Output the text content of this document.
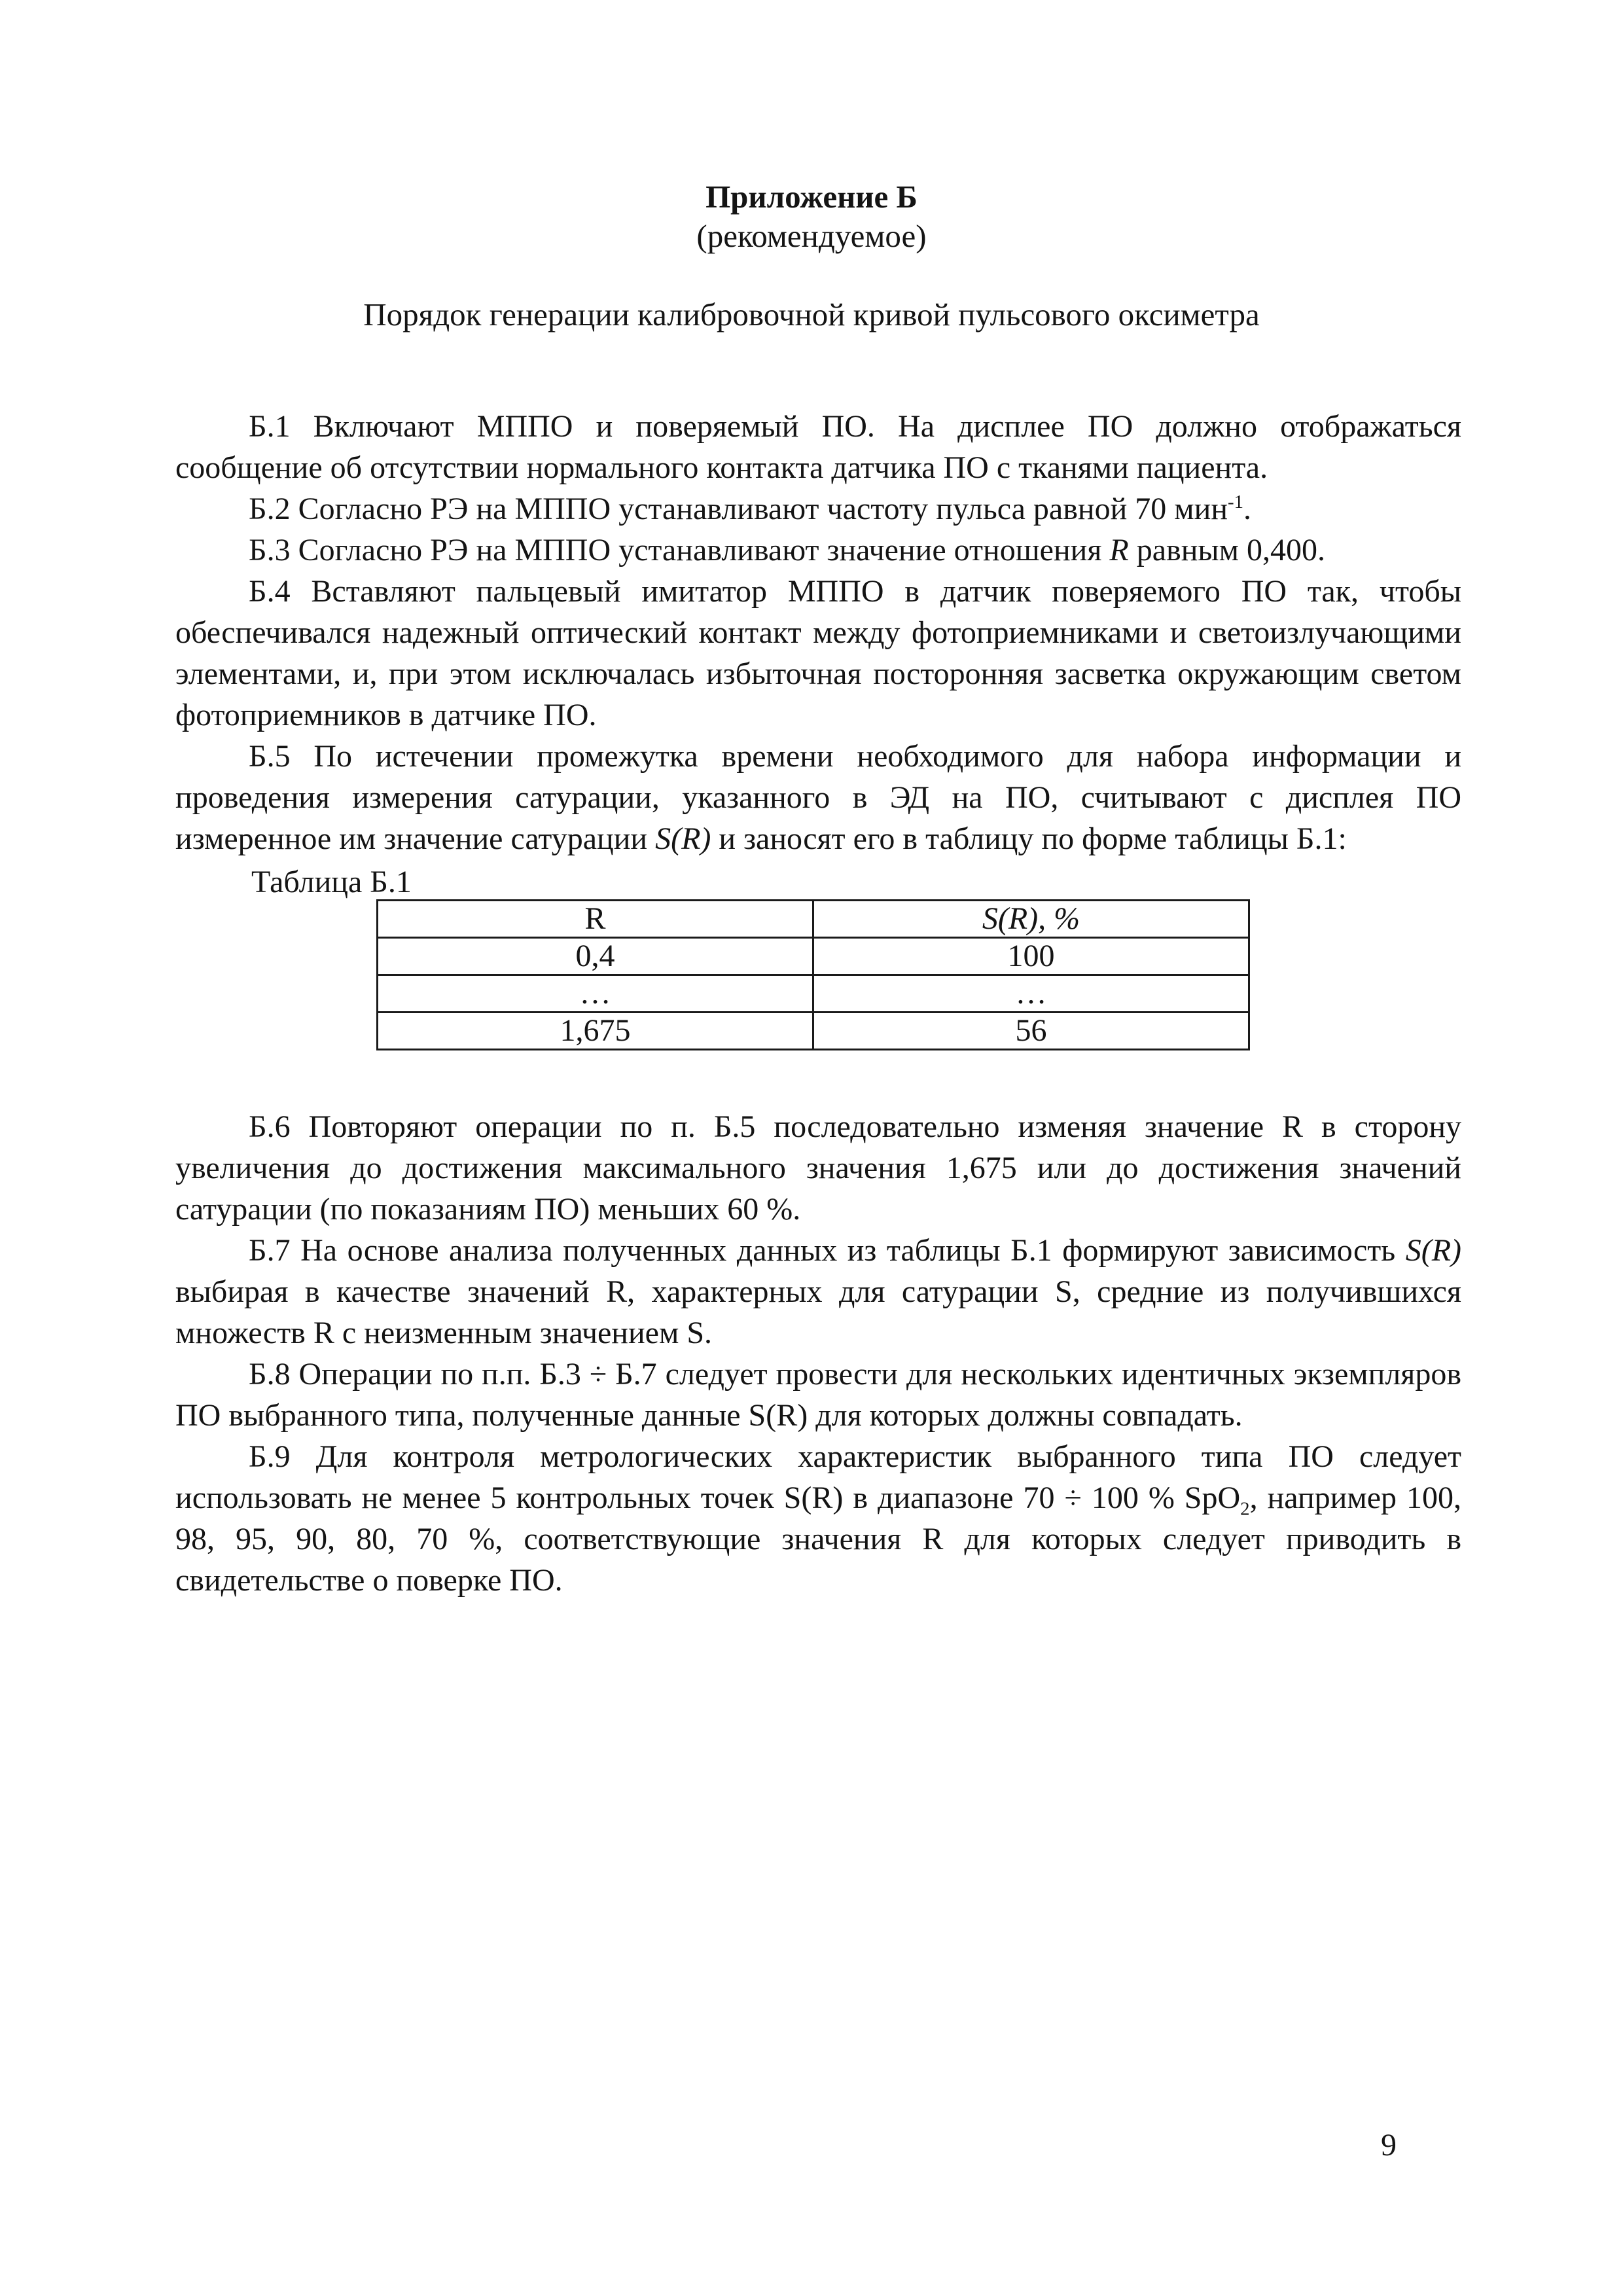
Приложение Б
(рекомендуемое)
Порядок генерации калибровочной кривой пульсового оксиметра

Б.1 Включают МППО и поверяемый ПО. На дисплее ПО должно отображаться сообщение об отсутствии нормального контакта датчика ПО с тканями пациента.

Б.2 Согласно РЭ на МППО устанавливают частоту пульса равной 70 мин$^{-1}$.

Б.3 Согласно РЭ на МППО устанавливают значение отношения R равным 0,400.

Б.4 Вставляют пальцевый имитатор МППО в датчик поверяемого ПО так, чтобы обеспечивался надежный оптический контакт между фотоприемниками и светоизлучающими элементами, и, при этом исключалась избыточная посторонняя засветка окружающим светом фотоприемников в датчике ПО.

Б.5 По истечении промежутка времени необходимого для набора информации и проведения измерения сатурации, указанного в ЭД на ПО, считывают с дисплея ПО измеренное им значение сатурации S(R) и заносят его в таблицу по форме таблицы Б.1:

Таблица Б.1
R	S(R), %
0,4	100
…	…
1,675	56

Б.6 Повторяют операции по п. Б.5 последовательно изменяя значение R в сторону увеличения до достижения максимального значения 1,675 или до достижения значений сатурации (по показаниям ПО) меньших 60 %.

Б.7 На основе анализа полученных данных из таблицы Б.1 формируют зависимость S(R) выбирая в качестве значений R, характерных для сатурации S, средние из получившихся множеств R с неизменным значением S.

Б.8 Операции по п.п. Б.3 ÷ Б.7 следует провести для нескольких идентичных экземпляров ПО выбранного типа, полученные данные S(R) для которых должны совпадать.

Б.9 Для контроля метрологических характеристик выбранного типа ПО следует использовать не менее 5 контрольных точек S(R) в диапазоне 70 ÷ 100 % SpO$_2$, например 100, 98, 95, 90, 80, 70 %, соответствующие значения R для которых следует приводить в свидетельстве о поверке ПО.

9
